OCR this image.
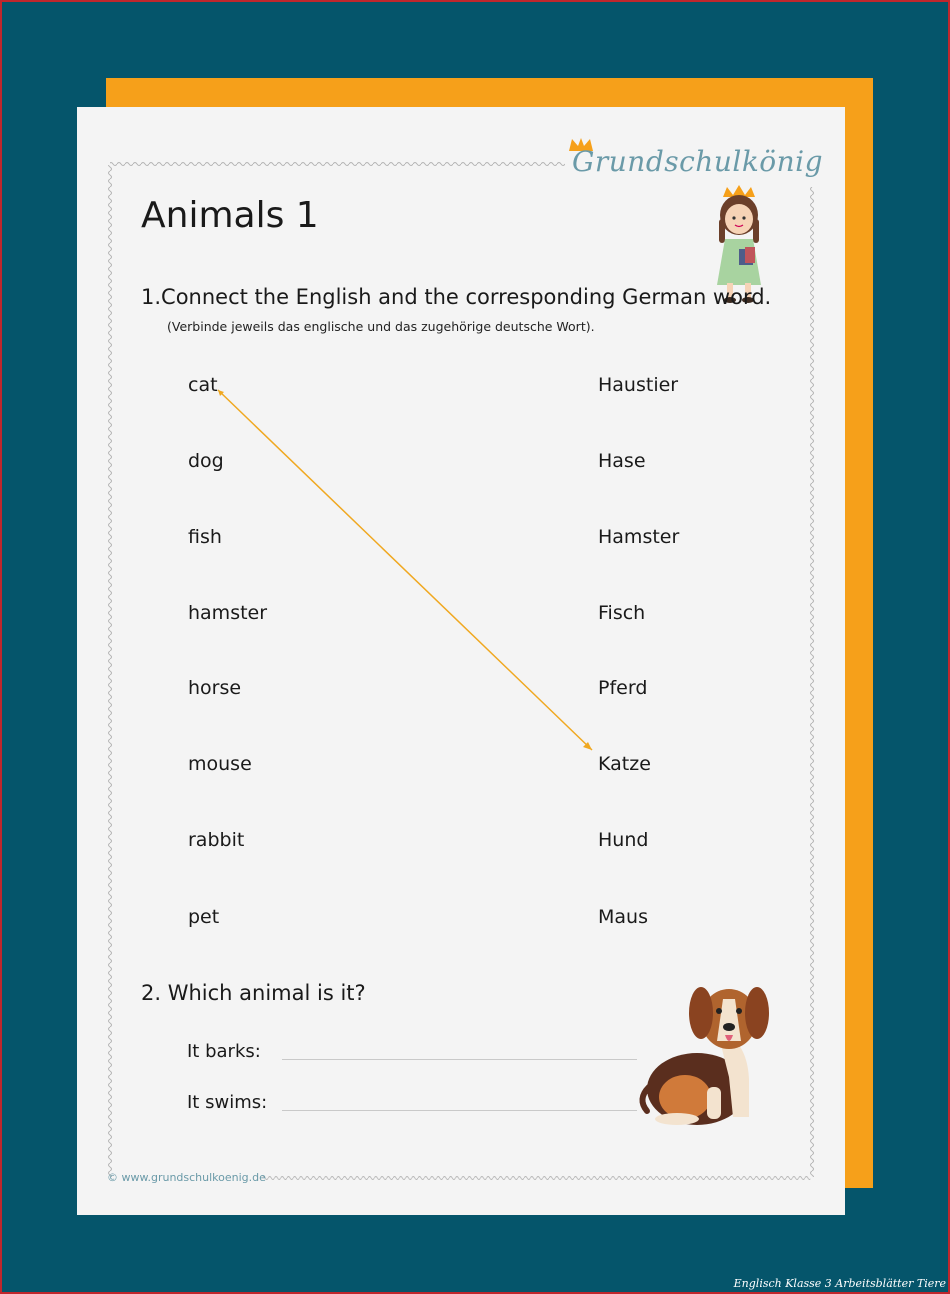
Grundschulkönig
Animals 1
1.Connect the English and the corresponding German word.
(Verbinde jeweils das englische und das zugehörige deutsche Wort).
cat
dog
fish
hamster
horse
mouse
rabbit
pet
Haustier
Hase
Hamster
Fisch
Pferd
Katze
Hund
Maus
2. Which animal is it?
It barks:
It swims:
© www.grundschulkoenig.de
Englisch Klasse 3 Arbeitsblätter Tiere
